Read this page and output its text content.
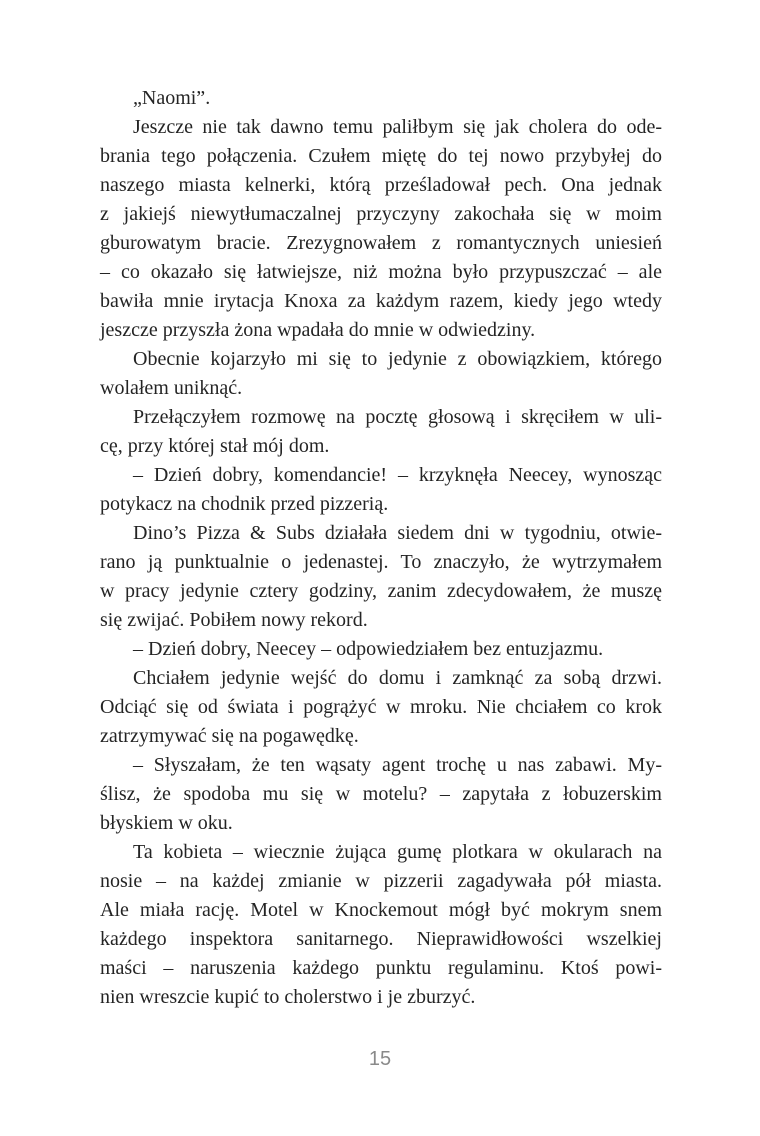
„Naomi”.

Jeszcze nie tak dawno temu paliłbym się jak cholera do ode-
brania tego połączenia. Czułem miętę do tej nowo przybyłej do
naszego miasta kelnerki, którą prześladował pech. Ona jednak
z jakiejś niewytłumaczalnej przyczyny zakochała się w moim
gburowatym bracie. Zrezygnowałem z romantycznych uniesień
– co okazało się łatwiejsze, niż można było przypuszczać – ale
bawiła mnie irytacja Knoxa za każdym razem, kiedy jego wtedy
jeszcze przyszła żona wpadała do mnie w odwiedziny.

Obecnie kojarzyło mi się to jedynie z obowiązkiem, którego
wolałem uniknąć.

Przełączyłem rozmowę na pocztę głosową i skręciłem w uli-
cę, przy której stał mój dom.

– Dzień dobry, komendancie! – krzyknęła Neecey, wynosząc
potykacz na chodnik przed pizzerią.

Dino’s Pizza & Subs działała siedem dni w tygodniu, otwie-
rano ją punktualnie o jedenastej. To znaczyło, że wytrzymałem
w pracy jedynie cztery godziny, zanim zdecydowałem, że muszę
się zwijać. Pobiłem nowy rekord.

– Dzień dobry, Neecey – odpowiedziałem bez entuzjazmu.

Chciałem jedynie wejść do domu i zamknąć za sobą drzwi.
Odciąć się od świata i pogrążyć w mroku. Nie chciałem co krok
zatrzymywać się na pogawędkę.

– Słyszałam, że ten wąsaty agent trochę u nas zabawi. My-
ślisz, że spodoba mu się w motelu? – zapytała z łobuzerskim
błyskiem w oku.

Ta kobieta – wiecznie żująca gumę plotkara w okularach na
nosie – na każdej zmianie w pizzerii zagadywała pół miasta.
Ale miała rację. Motel w Knockemout mógł być mokrym snem
każdego inspektora sanitarnego. Nieprawidłowości wszelkiej
maści – naruszenia każdego punktu regulaminu. Ktoś powi-
nien wreszcie kupić to cholerstwo i je zburzyć.

15
